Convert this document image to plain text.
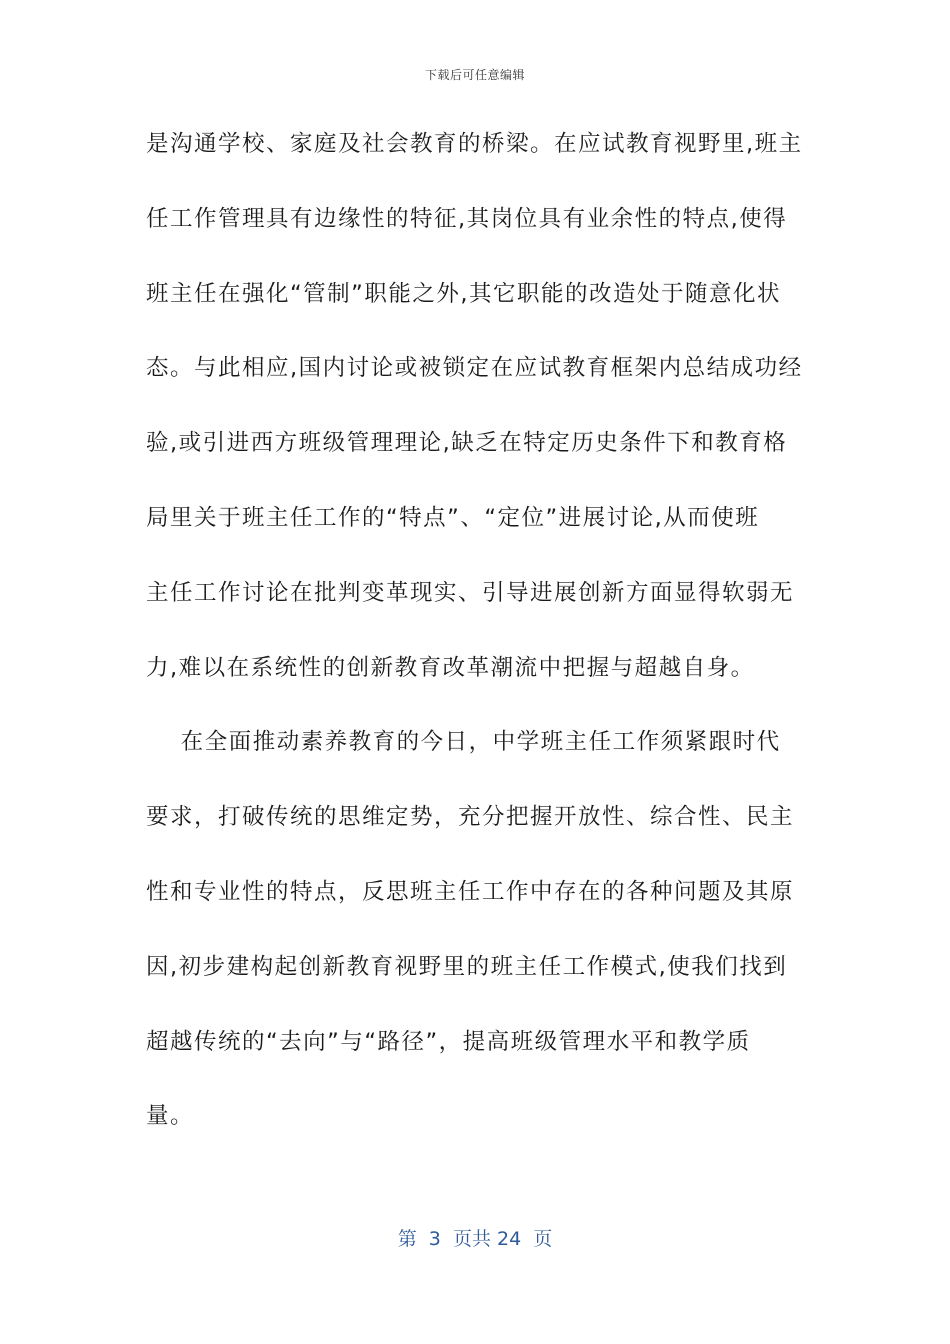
下载后可任意编辑
是沟通学校、家庭及社会教育的桥梁。在应试教育视野里,班主
任工作管理具有边缘性的特征,其岗位具有业余性的特点,使得
班主任在强化“管制”职能之外,其它职能的改造处于随意化状
态。与此相应,国内讨论或被锁定在应试教育框架内总结成功经
验,或引进西方班级管理理论,缺乏在特定历史条件下和教育格
局里关于班主任工作的“特点”、“定位”进展讨论,从而使班
主任工作讨论在批判变革现实、引导进展创新方面显得软弱无
力,难以在系统性的创新教育改革潮流中把握与超越自身。
在全面推动素养教育的今日，中学班主任工作须紧跟时代
要求，打破传统的思维定势，充分把握开放性、综合性、民主
性和专业性的特点，反思班主任工作中存在的各种问题及其原
因,初步建构起创新教育视野里的班主任工作模式,使我们找到
超越传统的“去向”与“路径”，提高班级管理水平和教学质
量。
第  3  页共 24  页
